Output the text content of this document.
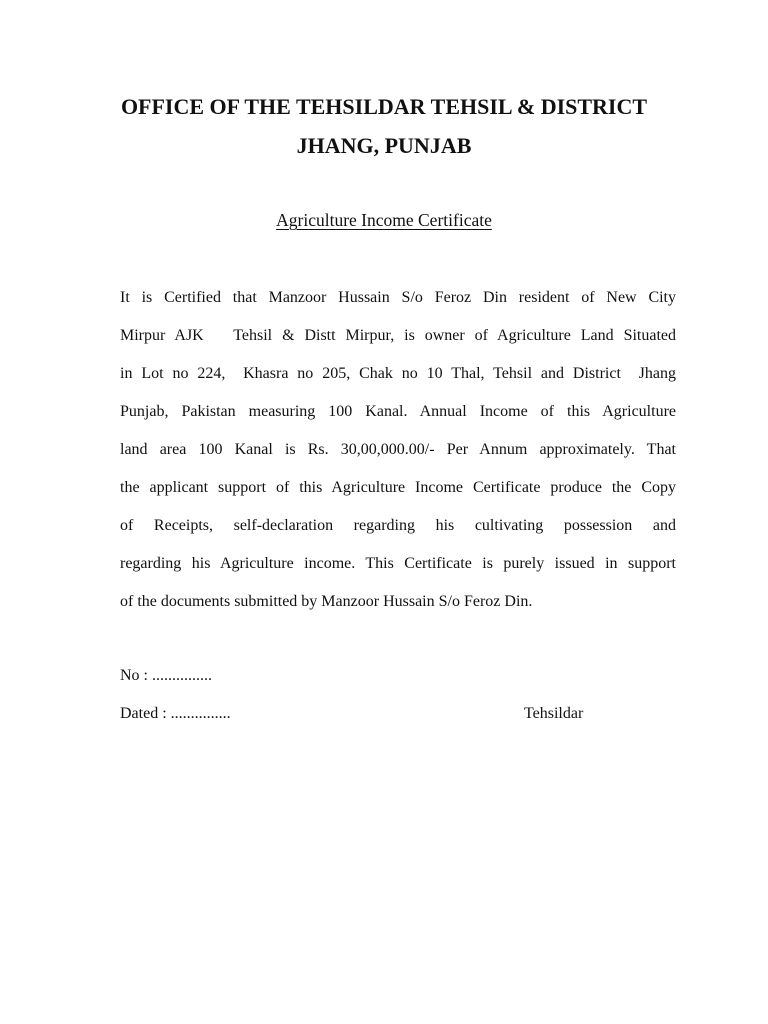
OFFICE OF THE TEHSILDAR TEHSIL & DISTRICT
JHANG, PUNJAB
Agriculture Income Certificate
It is Certified that Manzoor Hussain S/o Feroz Din resident of New City
Mirpur AJK   Tehsil & Distt Mirpur, is owner of Agriculture Land Situated
in Lot no 224,  Khasra no 205, Chak no 10 Thal, Tehsil and District  Jhang
Punjab, Pakistan measuring 100 Kanal. Annual Income of this Agriculture
land area 100 Kanal is Rs. 30,00,000.00/- Per Annum approximately. That
the applicant support of this Agriculture Income Certificate produce the Copy
of Receipts, self-declaration regarding his cultivating possession and
regarding his Agriculture income. This Certificate is purely issued in support
of the documents submitted by Manzoor Hussain S/o Feroz Din.
No : ...............
Dated : ...............	Tehsildar
